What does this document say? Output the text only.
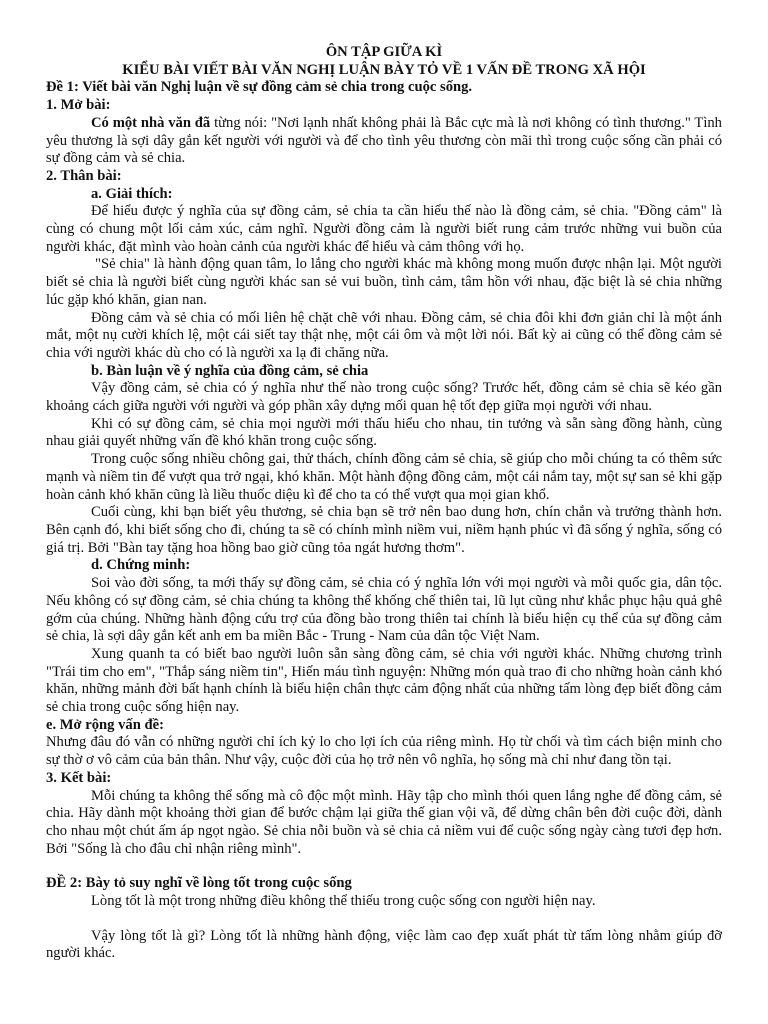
ÔN TẬP GIỮA KÌ
KIỂU BÀI VIẾT BÀI VĂN NGHỊ LUẬN BÀY TỎ VỀ 1 VẤN ĐỀ TRONG XÃ HỘI
Đề 1: Viết bài văn Nghị luận về sự đồng cảm sẻ chia trong cuộc sống.
1. Mở bài:

Có một nhà văn đã từng nói: "Nơi lạnh nhất không phải là Bắc cực mà là nơi không có tình thương." Tình yêu thương là sợi dây gắn kết người với người và để cho tình yêu thương còn mãi thì trong cuộc sống cần phải có sự đồng cảm và sẻ chia.

2. Thân bài:
a. Giải thích:

Để hiểu được ý nghĩa của sự đồng cảm, sẻ chia ta cần hiểu thế nào là đồng cảm, sẻ chia. "Đồng cảm" là cùng có chung một lối cảm xúc, cảm nghĩ. Người đồng cảm là người biết rung cảm trước những vui buồn của người khác, đặt mình vào hoàn cảnh của người khác để hiểu và cảm thông với họ.

"Sẻ chia" là hành động quan tâm, lo lắng cho người khác mà không mong muốn được nhận lại. Một người biết sẻ chia là người biết cùng người khác san sẻ vui buồn, tình cảm, tâm hồn với nhau, đặc biệt là sẻ chia những lúc gặp khó khăn, gian nan.

Đồng cảm và sẻ chia có mối liên hệ chặt chẽ với nhau. Đồng cảm, sẻ chia đôi khi đơn giản chỉ là một ánh mắt, một nụ cười khích lệ, một cái siết tay thật nhẹ, một cái ôm và một lời nói. Bất kỳ ai cũng có thể đồng cảm sẻ chia với người khác dù cho có là người xa lạ đi chăng nữa.

b. Bàn luận về ý nghĩa của đồng cảm, sẻ chia

Vậy đồng cảm, sẻ chia có ý nghĩa như thế nào trong cuộc sống? Trước hết, đồng cảm sẻ chia sẽ kéo gần khoảng cách giữa người với người và góp phần xây dựng mối quan hệ tốt đẹp giữa mọi người với nhau.

Khi có sự đồng cảm, sẻ chia mọi người mới thấu hiểu cho nhau, tin tưởng và sẵn sàng đồng hành, cùng nhau giải quyết những vấn đề khó khăn trong cuộc sống.

Trong cuộc sống nhiều chông gai, thử thách, chính đồng cảm sẻ chia, sẽ giúp cho mỗi chúng ta có thêm sức mạnh và niềm tin để vượt qua trở ngại, khó khăn. Một hành động đồng cảm, một cái nắm tay, một sự san sẻ khi gặp hoàn cảnh khó khăn cũng là liều thuốc diệu kì để cho ta có thể vượt qua mọi gian khổ.

Cuối cùng, khi bạn biết yêu thương, sẻ chia bạn sẽ trở nên bao dung hơn, chín chắn và trưởng thành hơn. Bên cạnh đó, khi biết sống cho đi, chúng ta sẽ có chính mình niềm vui, niềm hạnh phúc vì đã sống ý nghĩa, sống có giá trị. Bởi "Bàn tay tặng hoa hồng bao giờ cũng tỏa ngát hương thơm".

d. Chứng minh:

Soi vào đời sống, ta mới thấy sự đồng cảm, sẻ chia có ý nghĩa lớn với mọi người và mỗi quốc gia, dân tộc. Nếu không có sự đồng cảm, sẻ chia chúng ta không thể khống chế thiên tai, lũ lụt cũng như khắc phục hậu quả ghê gớm của chúng. Những hành động cứu trợ của đồng bào trong thiên tai chính là biểu hiện cụ thể của sự đồng cảm sẻ chia, là sợi dây gắn kết anh em ba miền Bắc - Trung - Nam của dân tộc Việt Nam.

Xung quanh ta có biết bao người luôn sẵn sàng đồng cảm, sẻ chia với người khác. Những chương trình "Trái tim cho em", "Thắp sáng niềm tin", Hiến máu tình nguyện: Những món quà trao đi cho những hoàn cảnh khó khăn, những mảnh đời bất hạnh chính là biểu hiện chân thực cảm động nhất của những tấm lòng đẹp biết đồng cảm sẻ chia trong cuộc sống hiện nay.

e. Mở rộng vấn đề:

Nhưng đâu đó vẫn có những người chỉ ích kỷ lo cho lợi ích của riêng mình. Họ từ chối và tìm cách biện minh cho sự thờ ơ vô cảm của bản thân. Như vậy, cuộc đời của họ trở nên vô nghĩa, họ sống mà chỉ như đang tồn tại.

3. Kết bài:

Mỗi chúng ta không thể sống mà cô độc một mình. Hãy tập cho mình thói quen lắng nghe để đồng cảm, sẻ chia. Hãy dành một khoảng thời gian để bước chậm lại giữa thế gian vội vã, để dừng chân bên đời cuộc đời, dành cho nhau một chút ấm áp ngọt ngào. Sẻ chia nỗi buồn và sẻ chia cả niềm vui để cuộc sống ngày càng tươi đẹp hơn. Bởi "Sống là cho đâu chỉ nhận riêng mình".

ĐỀ 2: Bày tỏ suy nghĩ về lòng tốt trong cuộc sống

Lòng tốt là một trong những điều không thể thiếu trong cuộc sống con người hiện nay.

Vậy lòng tốt là gì? Lòng tốt là những hành động, việc làm cao đẹp xuất phát từ tấm lòng nhằm giúp đỡ người khác.
